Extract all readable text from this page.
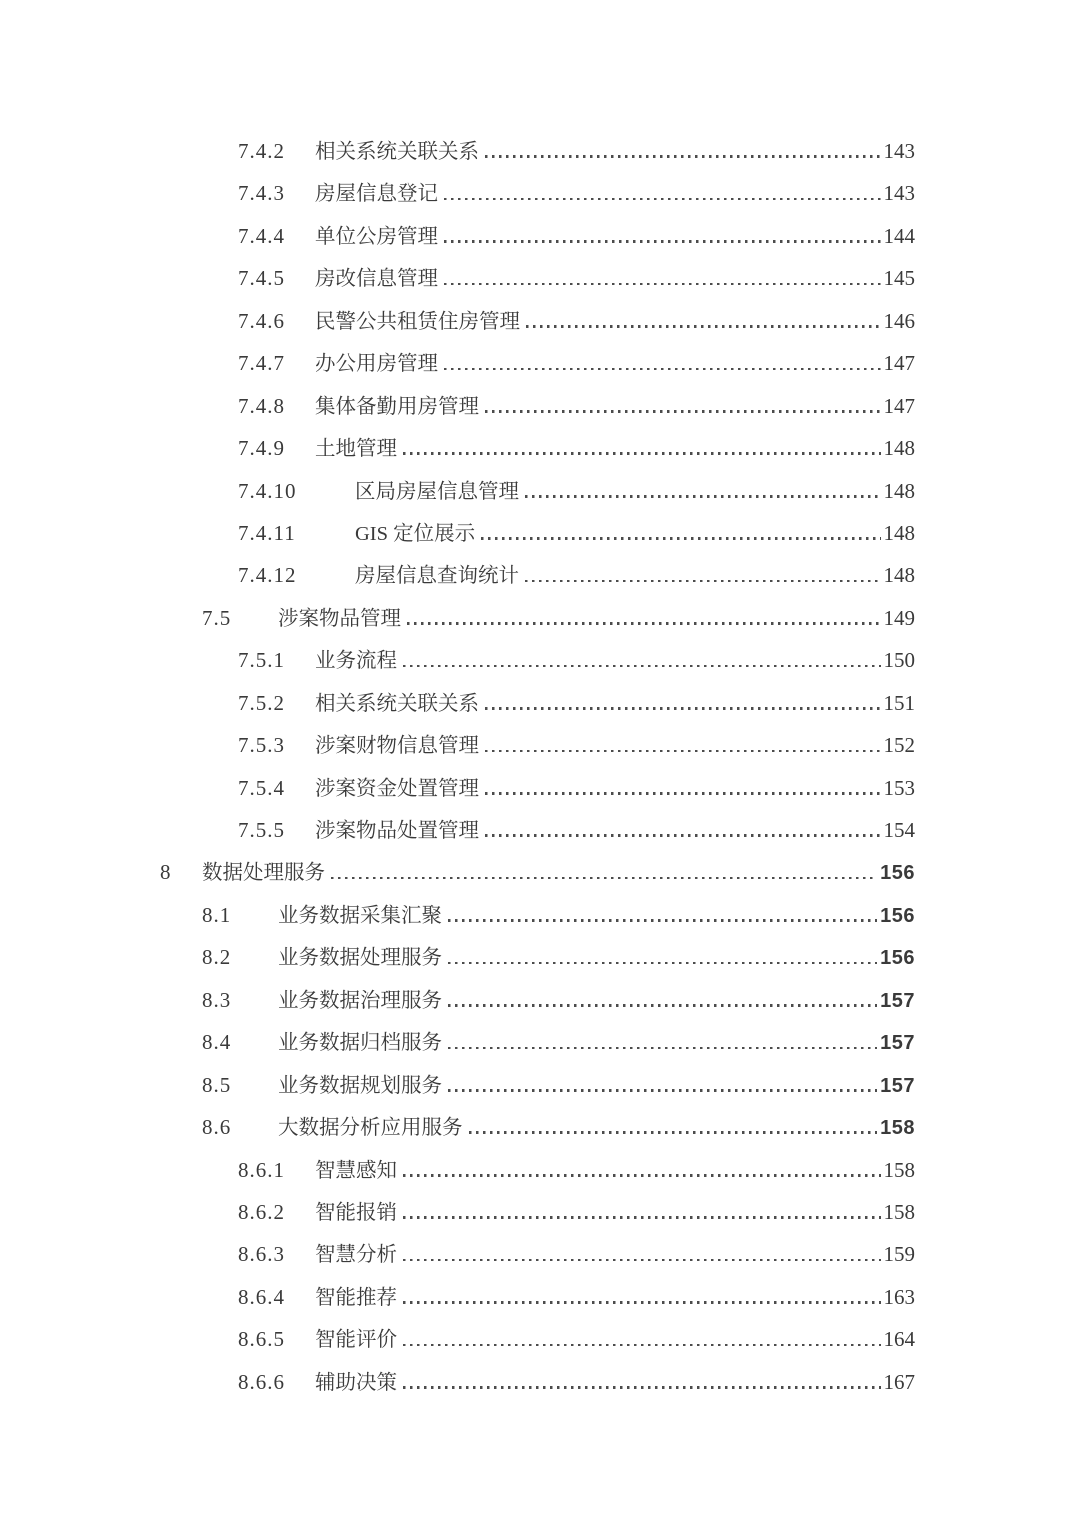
7.4.2	相关系统关联关系	143
7.4.3	房屋信息登记	143
7.4.4	单位公房管理	144
7.4.5	房改信息管理	145
7.4.6	民警公共租赁住房管理	146
7.4.7	办公用房管理	147
7.4.8	集体备勤用房管理	147
7.4.9	土地管理	148
7.4.10	区局房屋信息管理	148
7.4.11	GIS 定位展示	148
7.4.12	房屋信息查询统计	148
7.5	涉案物品管理	149
7.5.1	业务流程	150
7.5.2	相关系统关联关系	151
7.5.3	涉案财物信息管理	152
7.5.4	涉案资金处置管理	153
7.5.5	涉案物品处置管理	154
8	数据处理服务	156
8.1	业务数据采集汇聚	156
8.2	业务数据处理服务	156
8.3	业务数据治理服务	157
8.4	业务数据归档服务	157
8.5	业务数据规划服务	157
8.6	大数据分析应用服务	158
8.6.1	智慧感知	158
8.6.2	智能报销	158
8.6.3	智慧分析	159
8.6.4	智能推荐	163
8.6.5	智能评价	164
8.6.6	辅助决策	167
